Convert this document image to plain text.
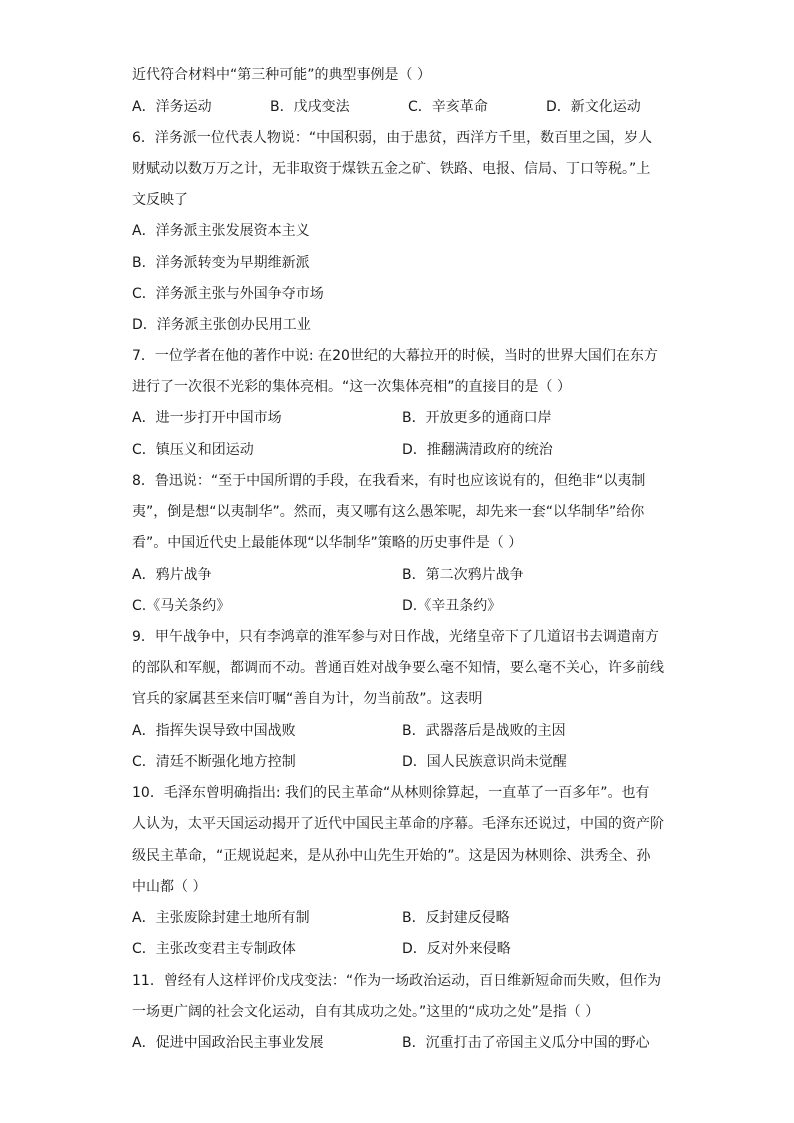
近代符合材料中“第三种可能”的典型事例是（ ）
A．洋务运动	B．戊戌变法	C．辛亥革命	D．新文化运动
6．洋务派一位代表人物说：“中国积弱，由于患贫，西洋方千里，数百里之国，岁人
财赋动以数万万之计，无非取资于煤铁五金之矿、铁路、电报、信局、丁口等税。”上
文反映了
A．洋务派主张发展资本主义
B．洋务派转变为早期维新派
C．洋务派主张与外国争夺市场
D．洋务派主张创办民用工业
7．一位学者在他的著作中说: 在20世纪的大幕拉开的时候，当时的世界大国们在东方
进行了一次很不光彩的集体亮相。“这一次集体亮相”的直接目的是（ ）
A．进一步打开中国市场	B．开放更多的通商口岸
C．镇压义和团运动	D．推翻满清政府的统治
8．鲁迅说：“至于中国所谓的手段，在我看来，有时也应该说有的，但绝非“以夷制
夷”，倒是想“以夷制华”。然而，夷又哪有这么愚笨呢，却先来一套“以华制华”给你
看”。中国近代史上最能体现“以华制华”策略的历史事件是（ ）
A．鸦片战争	B．第二次鸦片战争
C.《马关条约》	D.《辛丑条约》
9．甲午战争中，只有李鸿章的淮军参与对日作战，光绪皇帝下了几道诏书去调遣南方
的部队和军舰，都调而不动。普通百姓对战争要么毫不知情，要么毫不关心，许多前线
官兵的家属甚至来信叮嘱“善自为计，勿当前敌”。这表明
A．指挥失误导致中国战败	B．武器落后是战败的主因
C．清廷不断强化地方控制	D．国人民族意识尚未觉醒
10．毛泽东曾明确指出: 我们的民主革命“从林则徐算起，一直革了一百多年”。也有
人认为，太平天国运动揭开了近代中国民主革命的序幕。毛泽东还说过，中国的资产阶
级民主革命，“正规说起来，是从孙中山先生开始的”。这是因为林则徐、洪秀全、孙
中山都（ ）
A．主张废除封建土地所有制	B．反封建反侵略
C．主张改变君主专制政体	D．反对外来侵略
11．曾经有人这样评价戊戌变法：“作为一场政治运动，百日维新短命而失败，但作为
一场更广阔的社会文化运动，自有其成功之处。”这里的“成功之处”是指（ ）
A．促进中国政治民主事业发展	B．沉重打击了帝国主义瓜分中国的野心
